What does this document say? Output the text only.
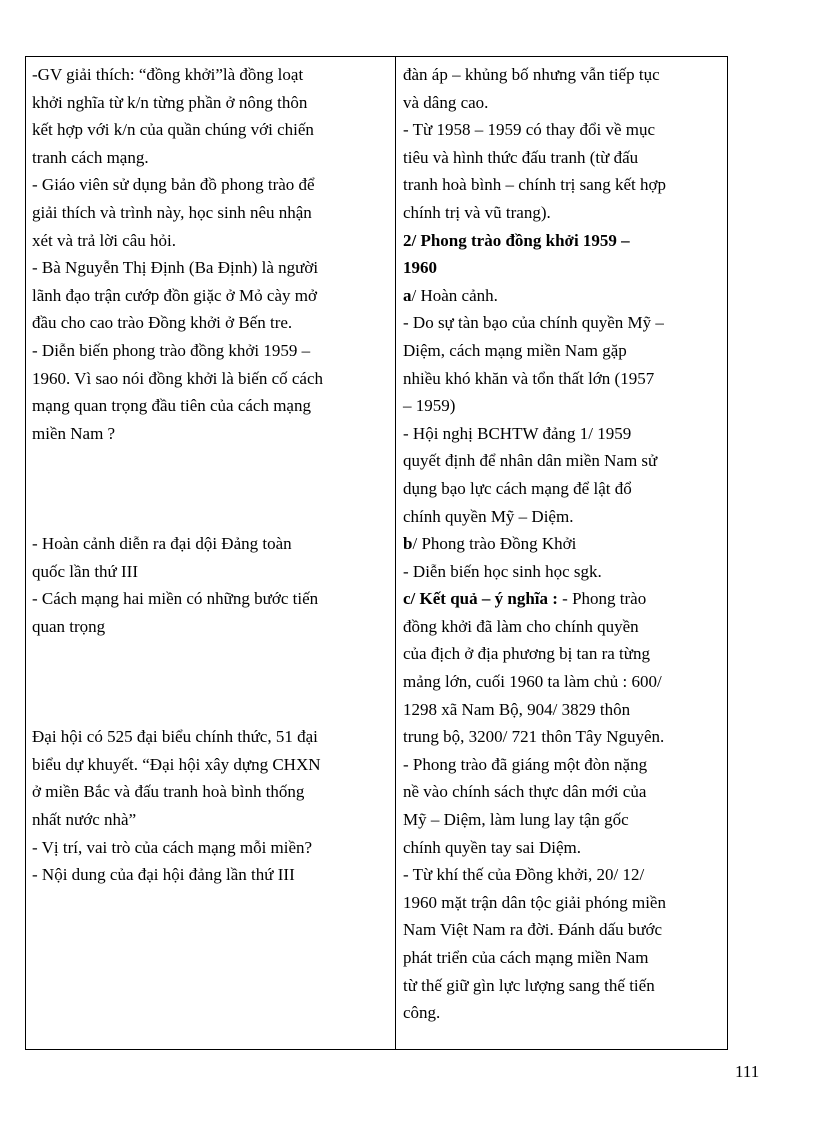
-GV giải thích: “đồng khởi”là đồng loạt

khởi nghĩa từ k/n từng phần ở nông thôn

kết hợp với k/n của quần chúng với chiến

tranh cách mạng.

- Giáo viên sử dụng bản đồ phong trào để

giải thích và trình này, học sinh nêu nhận

xét và trả lời câu hỏi.

- Bà Nguyễn Thị Định (Ba Định) là người

lãnh đạo trận cướp đồn giặc ở Mỏ cày mở

đầu cho cao trào Đồng khởi ở Bến tre.

- Diễn biến phong trào đồng khởi 1959 –

1960. Vì sao nói đồng khởi là biến cố cách

mạng quan trọng đầu tiên của cách mạng

miền Nam ?

- Hoàn cảnh diễn ra đại dội Đảng toàn

quốc lần thứ III

- Cách mạng hai miền có những bước tiến

quan trọng

Đại hội có 525 đại biểu chính thức, 51 đại

biểu dự khuyết. “Đại hội xây dựng CHXN

ở miền Bắc và đấu tranh hoà bình thống

nhất nước nhà”

- Vị trí, vai trò của cách mạng mỗi miền?

- Nội dung của đại hội đảng lần thứ III

đàn áp – khủng bố nhưng vẫn tiếp tục

và dâng cao.

- Từ 1958 – 1959 có thay đổi về mục

tiêu và hình thức đấu tranh (từ đấu

tranh hoà bình – chính trị sang kết hợp

chính trị và vũ trang).

2/ Phong trào đồng khởi 1959 –

1960

a/ Hoàn cảnh.

- Do sự tàn bạo của chính quyền Mỹ –

Diệm, cách mạng miền Nam gặp

nhiều khó khăn và tổn thất lớn (1957

– 1959)

- Hội nghị BCHTW đảng 1/ 1959

quyết định để nhân dân miền Nam sử

dụng bạo lực cách mạng để lật đổ

chính quyền Mỹ – Diệm.

b/ Phong trào Đồng Khởi

- Diễn biến học sinh học sgk.

c/ Kết quả – ý nghĩa : - Phong trào

đồng khởi đã làm cho chính quyền

của địch ở địa phương bị tan ra từng

mảng lớn, cuối 1960 ta làm chủ : 600/

1298 xã Nam Bộ, 904/ 3829 thôn

trung bộ, 3200/ 721 thôn Tây Nguyên.

- Phong trào đã giáng một đòn nặng

nề vào chính sách thực dân mới của

Mỹ – Diệm, làm lung lay tận gốc

chính quyền tay sai Diệm.

- Từ khí thế của Đồng khởi, 20/ 12/

1960 mặt trận dân tộc giải phóng miền

Nam Việt Nam ra đời. Đánh dấu bước

phát triển của cách mạng miền Nam

từ thế giữ gìn lực lượng sang thế tiến

công.

111
